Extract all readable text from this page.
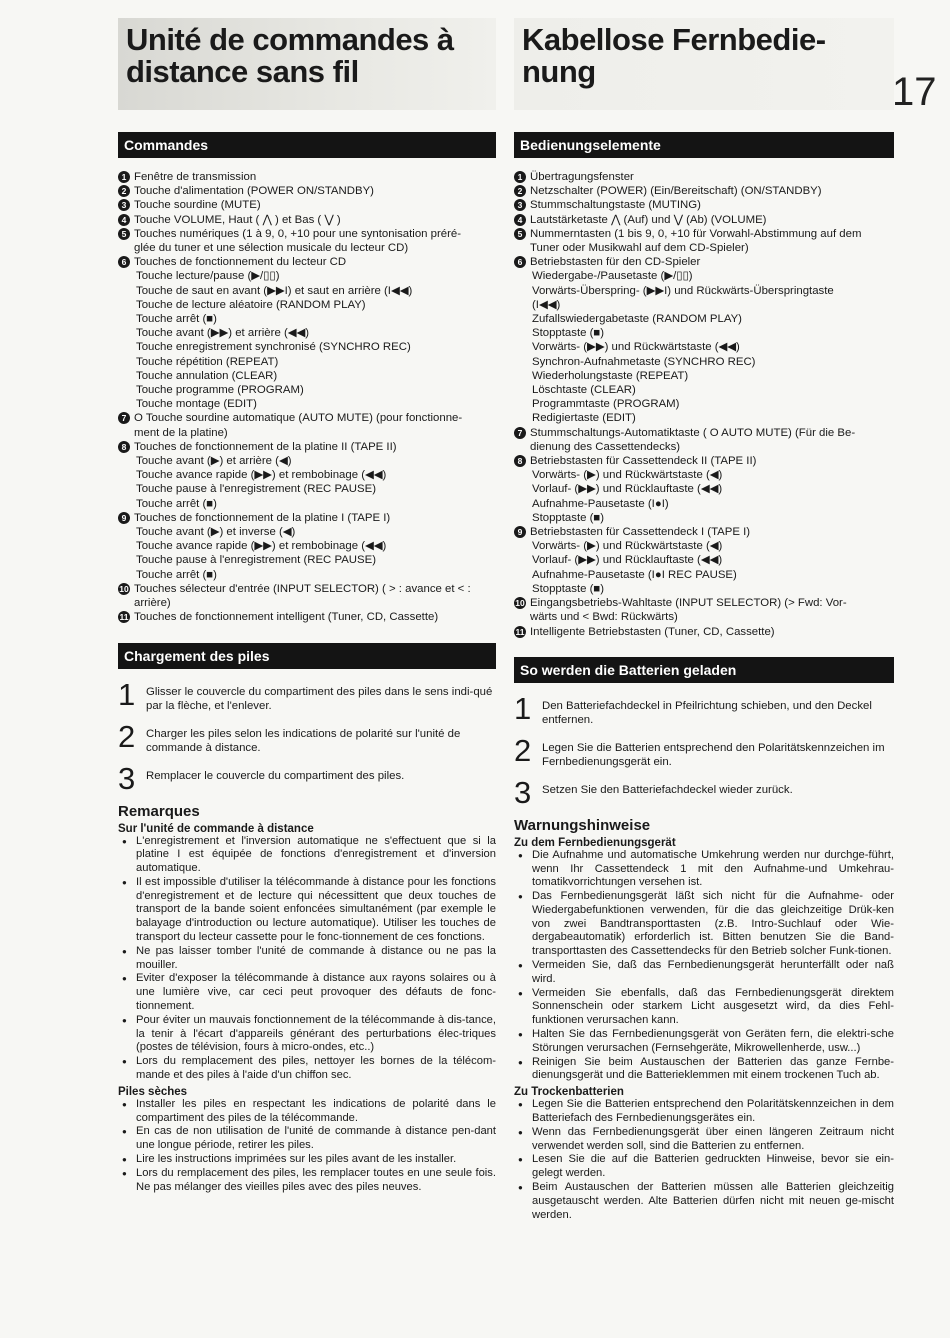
Unité de commandes à
distance sans fil
Commandes
1 Fenêtre de transmission
2 Touche d'alimentation (POWER ON/STANDBY)
3 Touche sourdine (MUTE)
4 Touche VOLUME, Haut ( ⋀ ) et Bas ( ⋁ )
5 Touches numériques (1 à 9, 0, +10 pour une syntonisation préré-
glée du tuner et une sélection musicale du lecteur CD)
6 Touches de fonctionnement du lecteur CD
Touche lecture/pause (▶/▯▯)
Touche de saut en avant (▶▶I) et saut en arrière (I◀◀)
Touche de lecture aléatoire (RANDOM PLAY)
Touche arrêt (■)
Touche avant (▶▶) et arrière (◀◀)
Touche enregistrement synchronisé (SYNCHRO REC)
Touche répétition (REPEAT)
Touche annulation (CLEAR)
Touche programme (PROGRAM)
Touche montage (EDIT)
7 O Touche sourdine automatique (AUTO MUTE) (pour fonctionne-
ment de la platine)
8 Touches de fonctionnement de la platine II (TAPE II)
Touche avant (▶) et arrière (◀)
Touche avance rapide (▶▶) et rembobinage (◀◀)
Touche pause à l'enregistrement (REC PAUSE)
Touche arrêt (■)
9 Touches de fonctionnement de la platine I (TAPE I)
Touche avant (▶) et inverse (◀)
Touche avance rapide (▶▶) et rembobinage (◀◀)
Touche pause à l'enregistrement (REC PAUSE)
Touche arrêt (■)
10 Touches sélecteur d'entrée (INPUT SELECTOR) ( > : avance et < :
arrière)
11 Touches de fonctionnement intelligent (Tuner, CD, Cassette)
Chargement des piles
1 Glisser le couvercle du compartiment des piles dans le sens indi-qué par la flèche, et l'enlever.
2 Charger les piles selon les indications de polarité sur l'unité de commande à distance.
3 Remplacer le couvercle du compartiment des piles.
Remarques
Sur l'unité de commande à distance
● L'enregistrement et l'inversion automatique ne s'effectuent que si la platine I est équipée de fonctions d'enregistrement et d'inversion automatique.
● Il est impossible d'utiliser la télécommande à distance pour les fonctions d'enregistrement et de lecture qui nécessittent que deux touches de transport de la bande soient enfoncées simultanément (par exemple le balayage d'introduction ou lecture automatique). Utiliser les touches de transport du lecteur cassette pour le fonc-tionnement de ces fonctions.
● Ne pas laisser tomber l'unité de commande à distance ou ne pas la mouiller.
● Eviter d'exposer la télécommande à distance aux rayons solaires ou à une lumière vive, car ceci peut provoquer des défauts de fonc-tionnement.
● Pour éviter un mauvais fonctionnement de la télécommande à dis-tance, la tenir à l'écart d'appareils générant des perturbations élec-triques (postes de télévision, fours à micro-ondes, etc..)
● Lors du remplacement des piles, nettoyer les bornes de la télécom-mande et des piles à l'aide d'un chiffon sec.
Piles sèches
● Installer les piles en respectant les indications de polarité dans le compartiment des piles de la télécommande.
● En cas de non utilisation de l'unité de commande à distance pen-dant une longue période, retirer les piles.
● Lire les instructions imprimées sur les piles avant de les installer.
● Lors du remplacement des piles, les remplacer toutes en une seule fois. Ne pas mélanger des vieilles piles avec des piles neuves.
Kabellose Fernbedie-
nung
Bedienungselemente
1 Übertragungsfenster
2 Netzschalter (POWER) (Ein/Bereitschaft) (ON/STANDBY)
3 Stummschaltungstaste (MUTING)
4 Lautstärketaste ⋀ (Auf) und ⋁ (Ab) (VOLUME)
5 Nummerntasten (1 bis 9, 0, +10 für Vorwahl-Abstimmung auf dem
Tuner oder Musikwahl auf dem CD-Spieler)
6 Betriebstasten für den CD-Spieler
Wiedergabe-/Pausetaste (▶/▯▯)
Vorwärts-Überspring- (▶▶I) und Rückwärts-Überspringtaste
(I◀◀)
Zufallswiedergabetaste (RANDOM PLAY)
Stopptaste (■)
Vorwärts- (▶▶) und Rückwärtstaste (◀◀)
Synchron-Aufnahmetaste (SYNCHRO REC)
Wiederholungstaste (REPEAT)
Löschtaste (CLEAR)
Programmtaste (PROGRAM)
Redigiertaste (EDIT)
7 Stummschaltungs-Automatiktaste ( O AUTO MUTE) (Für die Be-
dienung des Cassettendecks)
8 Betriebstasten für Cassettendeck II (TAPE II)
Vorwärts- (▶) und Rückwärtstaste (◀)
Vorlauf- (▶▶) und Rücklauftaste (◀◀)
Aufnahme-Pausetaste (I●I)
Stopptaste (■)
9 Betriebstasten für Cassettendeck I (TAPE I)
Vorwärts- (▶) und Rückwärtstaste (◀)
Vorlauf- (▶▶) und Rücklauftaste (◀◀)
Aufnahme-Pausetaste (I●I REC PAUSE)
Stopptaste (■)
10 Eingangsbetriebs-Wahltaste (INPUT SELECTOR) (> Fwd: Vor-
wärts und < Bwd: Rückwärts)
11 Intelligente Betriebstasten (Tuner, CD, Cassette)
So werden die Batterien geladen
1 Den Batteriefachdeckel in Pfeilrichtung schieben, und den Deckel entfernen.
2 Legen Sie die Batterien entsprechend den Polaritätskennzeichen im Fernbedienungsgerät ein.
3 Setzen Sie den Batteriefachdeckel wieder zurück.
Warnungshinweise
Zu dem Fernbedienungsgerät
● Die Aufnahme und automatische Umkehrung werden nur durchge-führt, wenn Ihr Cassettendeck 1 mit den Aufnahme-und Umkehrau-tomatikvorrichtungen versehen ist.
● Das Fernbedienungsgerät läßt sich nicht für die Aufnahme- oder Wiedergabefunktionen verwenden, für die das gleichzeitige Drük-ken von zwei Bandtransporttasten (z.B. Intro-Suchlauf oder Wie-dergabeautomatik) erforderlich ist. Bitten benutzen Sie die Band-transporttasten des Cassettendecks für den Betrieb solcher Funk-tionen.
● Vermeiden Sie, daß das Fernbedienungsgerät herunterfällt oder naß wird.
● Vermeiden Sie ebenfalls, daß das Fernbedienungsgerät direktem Sonnenschein oder starkem Licht ausgesetzt wird, da dies Fehl-funktionen verursachen kann.
● Halten Sie das Fernbedienungsgerät von Geräten fern, die elektri-sche Störungen verursachen (Fernsehgeräte, Mikrowellenherde, usw...)
● Reinigen Sie beim Austauschen der Batterien das ganze Fernbe-dienungsgerät und die Batterieklemmen mit einem trockenen Tuch ab.
Zu Trockenbatterien
● Legen Sie die Batterien entsprechend den Polaritätskennzeichen in dem Batteriefach des Fernbedienungsgerätes ein.
● Wenn das Fernbedienungsgerät über einen längeren Zeitraum nicht verwendet werden soll, sind die Batterien zu entfernen.
● Lesen Sie die auf die Batterien gedruckten Hinweise, bevor sie ein-gelegt werden.
● Beim Austauschen der Batterien müssen alle Batterien gleichzeitig ausgetauscht werden. Alte Batterien dürfen nicht mit neuen ge-mischt werden.
17
